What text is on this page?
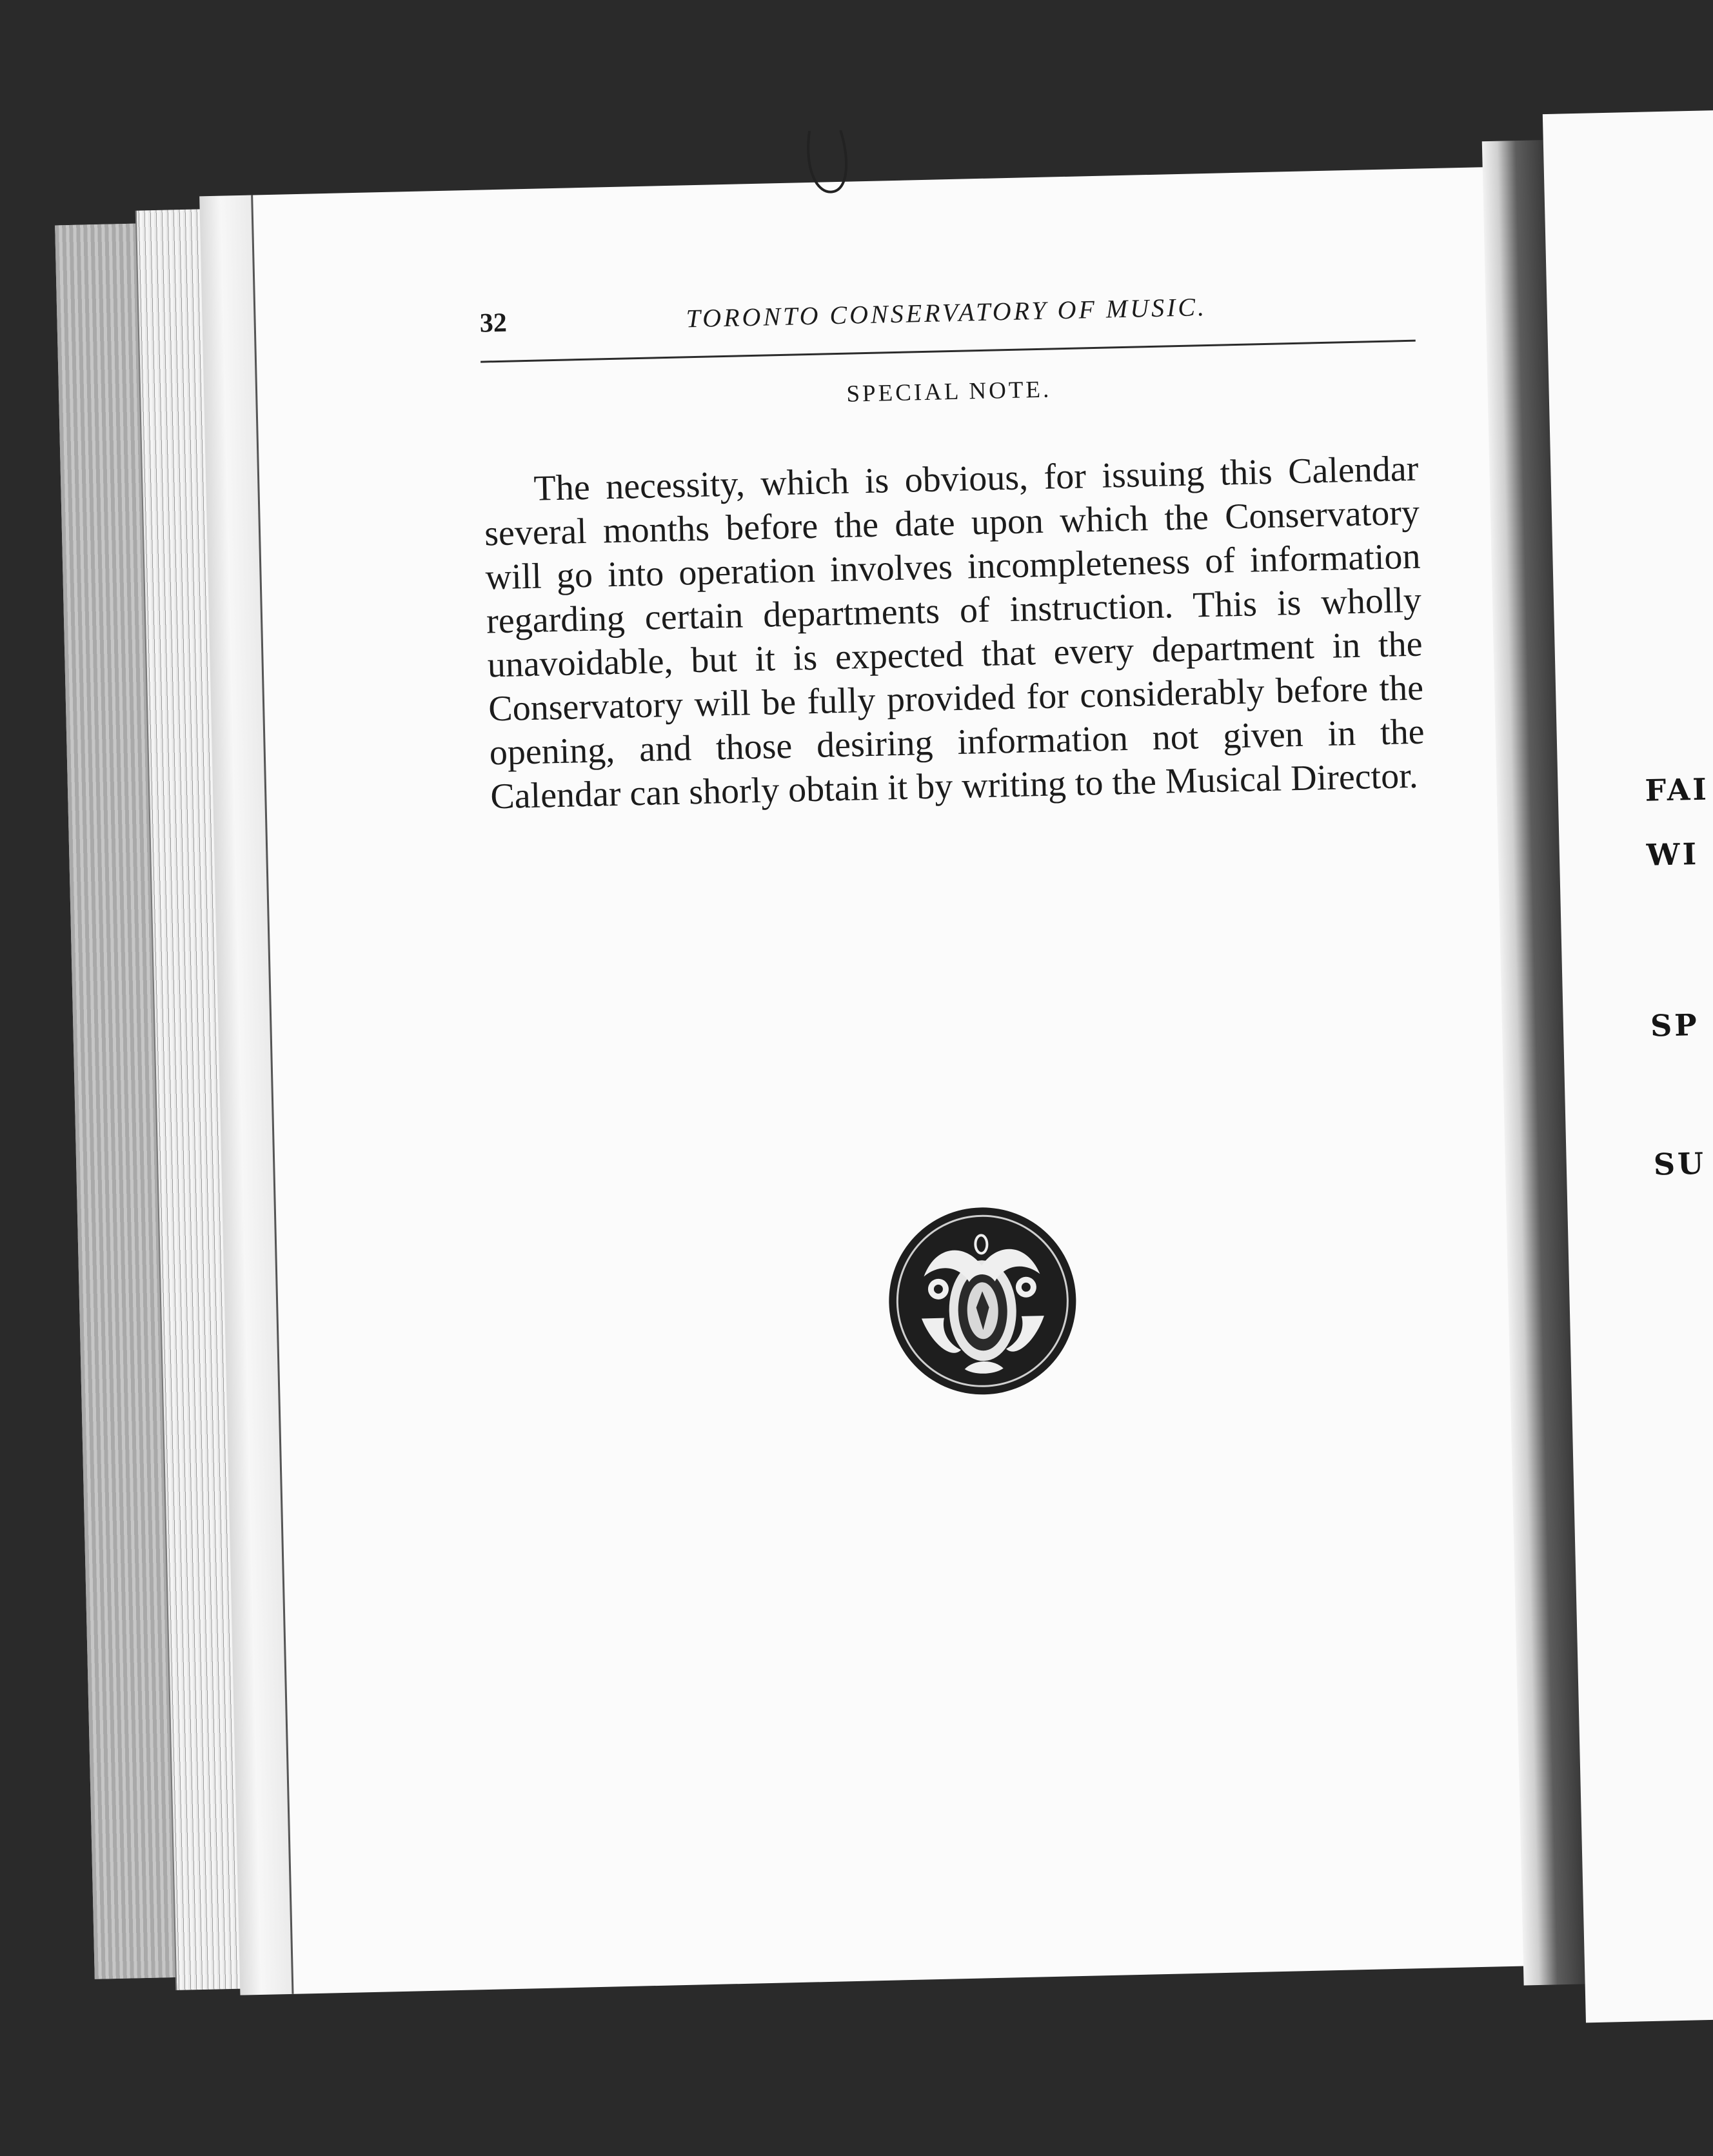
32	TORONTO CONSERVATORY OF MUSIC.
SPECIAL NOTE.

The necessity, which is obvious, for issuing this Calendar several months before the date upon which the Conservatory will go into operation involves incompleteness of information regarding certain departments of instruction. This is wholly unavoidable, but it is expected that every department in the Conservatory will be fully provided for considerably before the opening, and those desiring information not given in the Calendar can shorly obtain it by writing to the Musical Director.	FAI
WI
SP
SU
